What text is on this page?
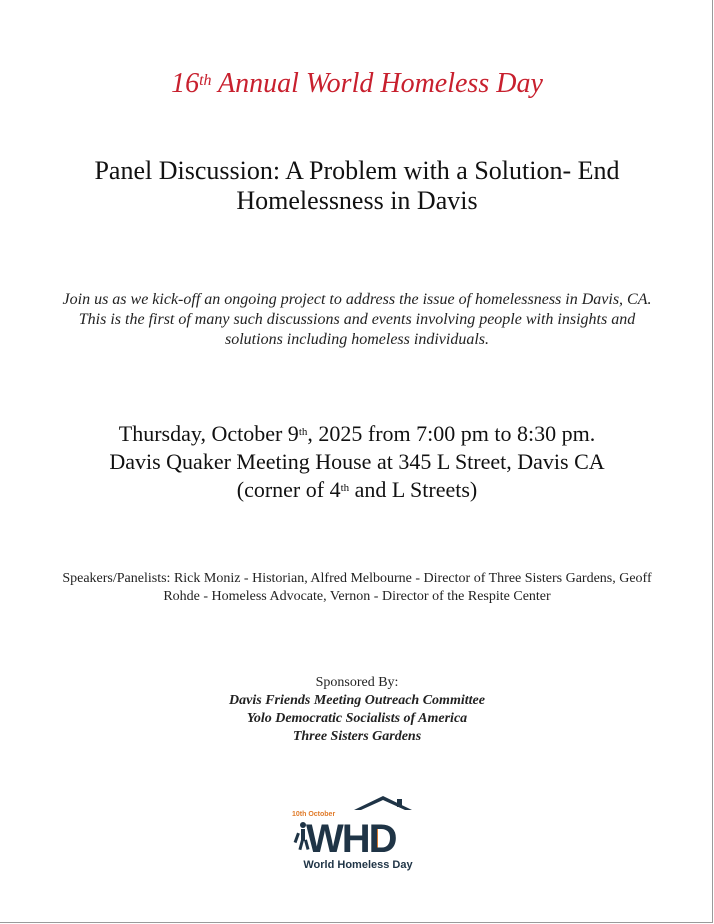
16th Annual World Homeless Day
Panel Discussion: A Problem with a Solution- End
Homelessness in Davis
Join us as we kick-off an ongoing project to address the issue of homelessness in Davis, CA. This is the first of many such discussions and events involving people with insights and solutions including homeless individuals.
Thursday, October 9th, 2025 from 7:00 pm to 8:30 pm.
Davis Quaker Meeting House at 345 L Street, Davis CA
(corner of 4th and L Streets)
Speakers/Panelists: Rick Moniz - Historian, Alfred Melbourne - Director of Three Sisters Gardens, Geoff Rohde - Homeless Advocate, Vernon - Director of the Respite Center
Sponsored By:
Davis Friends Meeting Outreach Committee
Yolo Democratic Socialists of America
Three Sisters Gardens
10th October
WHD
World Homeless Day
